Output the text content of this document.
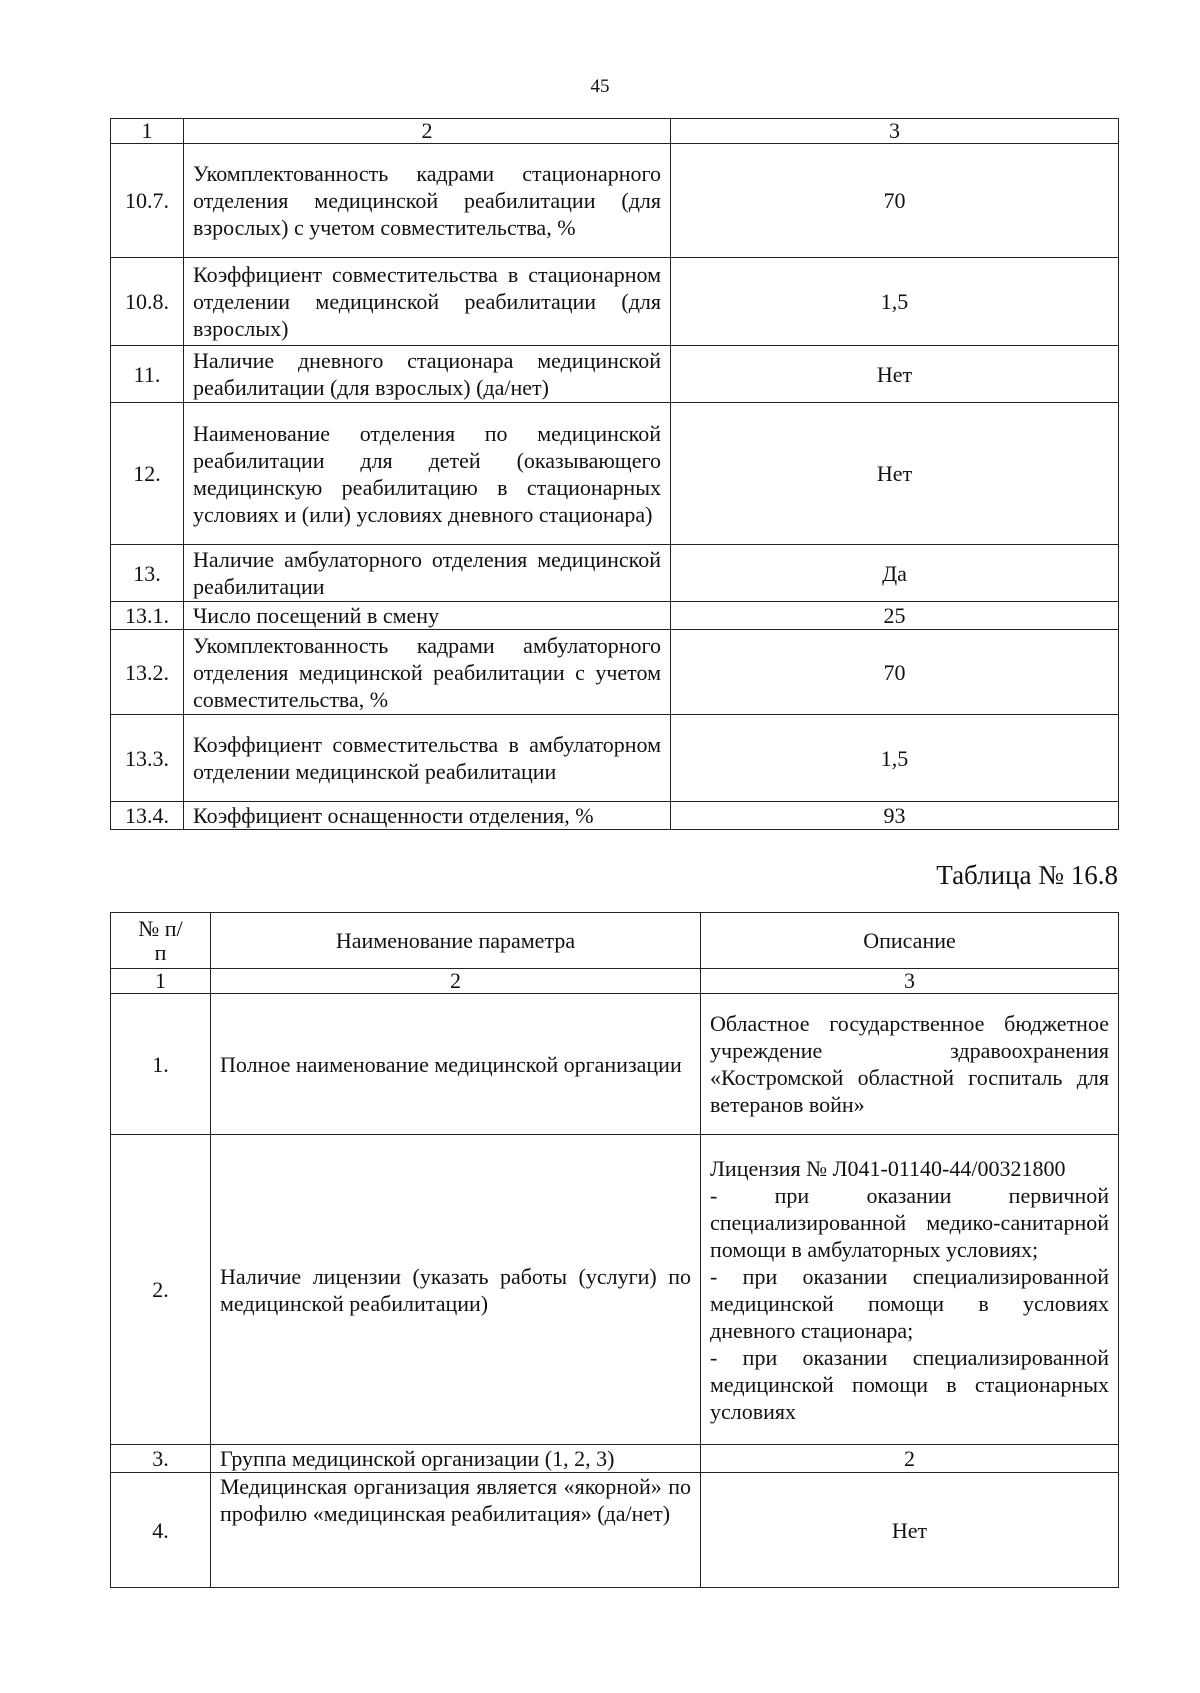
45
1	2	3
10.7.	Укомплектованность кадрами стационарного отделения медицинской реабилитации (для взрослых) с учетом совместительства, %	70
10.8.	Коэффициент совместительства в стационарном отделении медицинской реабилитации (для взрослых)	1,5
11.	Наличие дневного стационара медицинской реабилитации (для взрослых) (да/нет)	Нет
12.	Наименование отделения по медицинской реабилитации для детей (оказывающего медицинскую реабилитацию в стационарных условиях и (или) условиях дневного стационара)	Нет
13.	Наличие амбулаторного отделения медицинской реабилитации	Да
13.1.	Число посещений в смену	25
13.2.	Укомплектованность кадрами амбулаторного отделения медицинской реабилитации с учетом совместительства, %	70
13.3.	Коэффициент совместительства в амбулаторном отделении медицинской реабилитации	1,5
13.4.	Коэффициент оснащенности отделения, %	93
Таблица № 16.8
№ п/п	Наименование параметра	Описание
1	2	3
1.	Полное наименование медицинской организации	Областное государственное бюджетное учреждение здравоохранения «Костромской областной госпиталь для ветеранов войн»
2.	Наличие лицензии (указать работы (услуги) по медицинской реабилитации)	Лицензия № Л041-01140-44/00321800
- при оказании первичной специализированной медико-санитарной помощи в амбулаторных условиях;
- при оказании специализированной медицинской помощи в условиях дневного стационара;
- при оказании специализированной медицинской помощи в стационарных условиях

3.	Группа медицинской организации (1, 2, 3)	2
4.	Медицинская организация является «якорной» по профилю «медицинская реабилитация» (да/нет)	Нет
